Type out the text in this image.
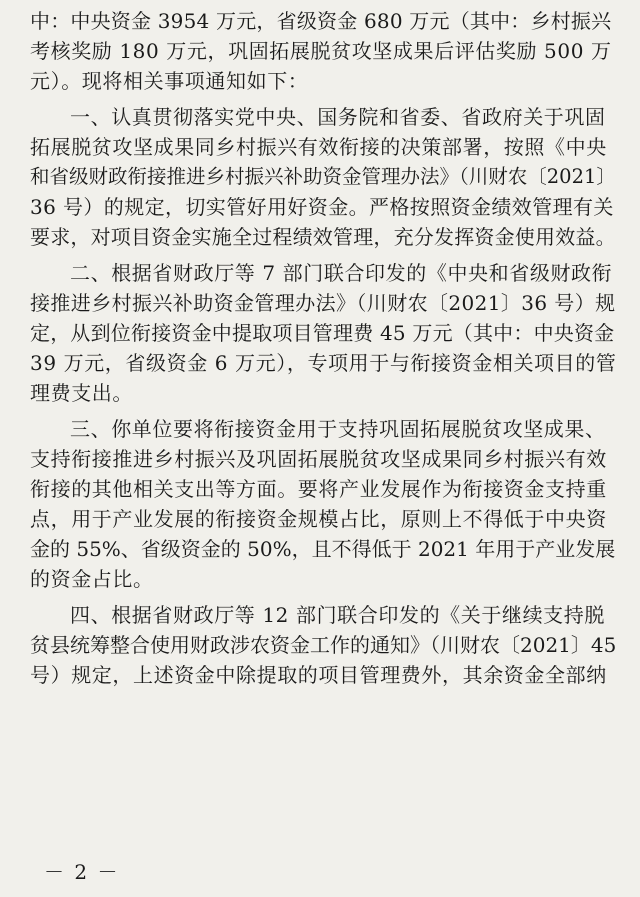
中：中央资金 3954 万元，省级资金 680 万元（其中：乡村振兴
考核奖励 180 万元，巩固拓展脱贫攻坚成果后评估奖励 500 万
元）。现将相关事项通知如下：
一、认真贯彻落实党中央、国务院和省委、省政府关于巩固
拓展脱贫攻坚成果同乡村振兴有效衔接的决策部署，按照《中央
和省级财政衔接推进乡村振兴补助资金管理办法》（川财农〔2021〕
36 号）的规定，切实管好用好资金。严格按照资金绩效管理有关
要求，对项目资金实施全过程绩效管理，充分发挥资金使用效益。
二、根据省财政厅等 7 部门联合印发的《中央和省级财政衔
接推进乡村振兴补助资金管理办法》（川财农〔2021〕36 号）规
定，从到位衔接资金中提取项目管理费 45 万元（其中：中央资金
39 万元，省级资金 6 万元），专项用于与衔接资金相关项目的管
理费支出。
三、你单位要将衔接资金用于支持巩固拓展脱贫攻坚成果、
支持衔接推进乡村振兴及巩固拓展脱贫攻坚成果同乡村振兴有效
衔接的其他相关支出等方面。要将产业发展作为衔接资金支持重
点，用于产业发展的衔接资金规模占比，原则上不得低于中央资
金的 55%、省级资金的 50%，且不得低于 2021 年用于产业发展
的资金占比。
四、根据省财政厅等 12 部门联合印发的《关于继续支持脱
贫县统筹整合使用财政涉农资金工作的通知》（川财农〔2021〕45
号）规定，上述资金中除提取的项目管理费外，其余资金全部纳
－ 2 －
